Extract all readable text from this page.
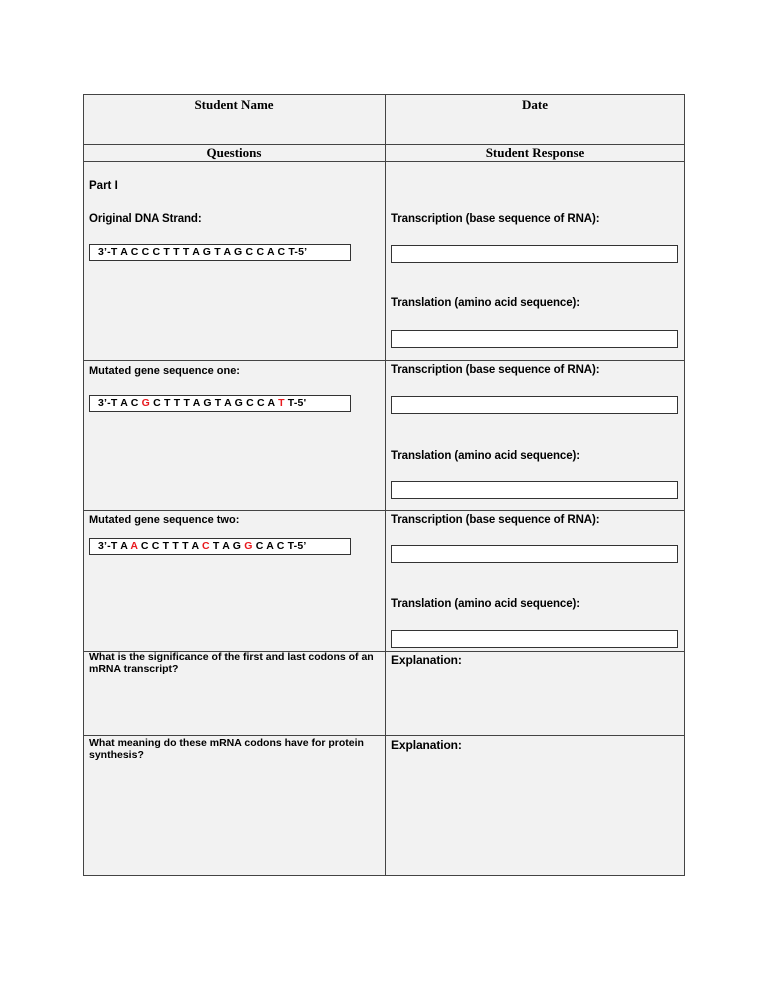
Student Name	Date
Questions	Student Response
Part I
Original DNA Strand:
3’-T A C C C T T T A G T A G C C A C T-5’
Transcription (base sequence of RNA):
Translation (amino acid sequence):
Mutated gene sequence one:
3’-T A C G C T T T A G T A G C C A T T-5'
Transcription (base sequence of RNA):
Translation (amino acid sequence):
Mutated gene sequence two:
3’-T A A C C T T T A C T A G G C A C T-5’
Transcription (base sequence of RNA):
Translation (amino acid sequence):
What is the significance of the first and last codons of an mRNA transcript?
Explanation:
What meaning do these mRNA codons have for protein synthesis?
Explanation:
